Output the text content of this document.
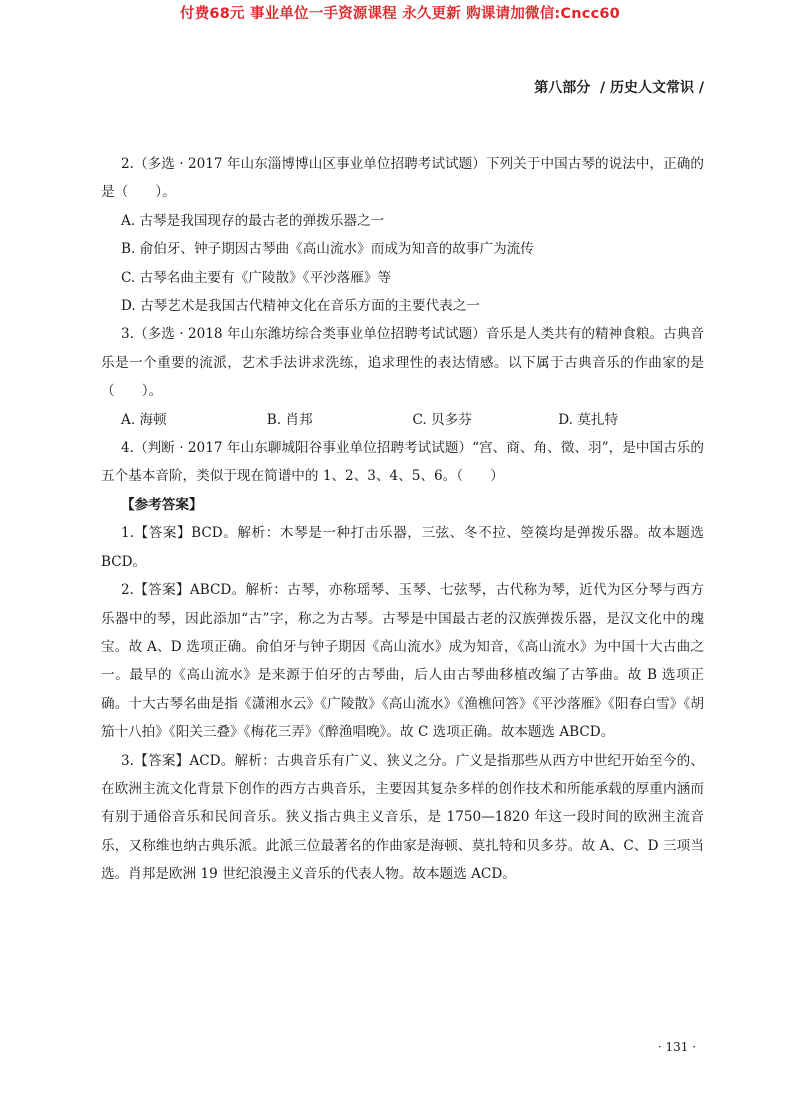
付费68元 事业单位一手资源课程 永久更新 购课请加微信:Cncc60
第八部分  / 历史人文常识 /

2.（多选 · 2017 年山东淄博博山区事业单位招聘考试试题）下列关于中国古琴的说法中，正确的是（　　）。

A. 古琴是我国现存的最古老的弹拨乐器之一

B. 俞伯牙、钟子期因古琴曲《高山流水》而成为知音的故事广为流传

C. 古琴名曲主要有《广陵散》《平沙落雁》等

D. 古琴艺术是我国古代精神文化在音乐方面的主要代表之一

3.（多选 · 2018 年山东潍坊综合类事业单位招聘考试试题）音乐是人类共有的精神食粮。古典音乐是一个重要的流派，艺术手法讲求洗练，追求理性的表达情感。以下属于古典音乐的作曲家的是（　　）。

A. 海顿	B. 肖邦	C. 贝多芬	D. 莫扎特

4.（判断 · 2017 年山东聊城阳谷事业单位招聘考试试题）“宫、商、角、徵、羽”，是中国古乐的五个基本音阶，类似于现在简谱中的 1、2、3、4、5、6。（　　）

【参考答案】

1.【答案】BCD。解析：木琴是一种打击乐器，三弦、冬不拉、箜篌均是弹拨乐器。故本题选 BCD。

2.【答案】ABCD。解析：古琴，亦称瑶琴、玉琴、七弦琴，古代称为琴，近代为区分琴与西方乐器中的琴，因此添加“古”字，称之为古琴。古琴是中国最古老的汉族弹拨乐器，是汉文化中的瑰宝。故 A、D 选项正确。俞伯牙与钟子期因《高山流水》成为知音，《高山流水》为中国十大古曲之一。最早的《高山流水》是来源于伯牙的古琴曲，后人由古琴曲移植改编了古筝曲。故 B 选项正确。十大古琴名曲是指《潇湘水云》《广陵散》《高山流水》《渔樵问答》《平沙落雁》《阳春白雪》《胡笳十八拍》《阳关三叠》《梅花三弄》《醉渔唱晚》。故 C 选项正确。故本题选 ABCD。

3.【答案】ACD。解析：古典音乐有广义、狭义之分。广义是指那些从西方中世纪开始至今的、在欧洲主流文化背景下创作的西方古典音乐，主要因其复杂多样的创作技术和所能承载的厚重内涵而有别于通俗音乐和民间音乐。狭义指古典主义音乐，是 1750—1820 年这一段时间的欧洲主流音乐，又称维也纳古典乐派。此派三位最著名的作曲家是海顿、莫扎特和贝多芬。故 A、C、D 三项当选。肖邦是欧洲 19 世纪浪漫主义音乐的代表人物。故本题选 ACD。

· 131 ·
